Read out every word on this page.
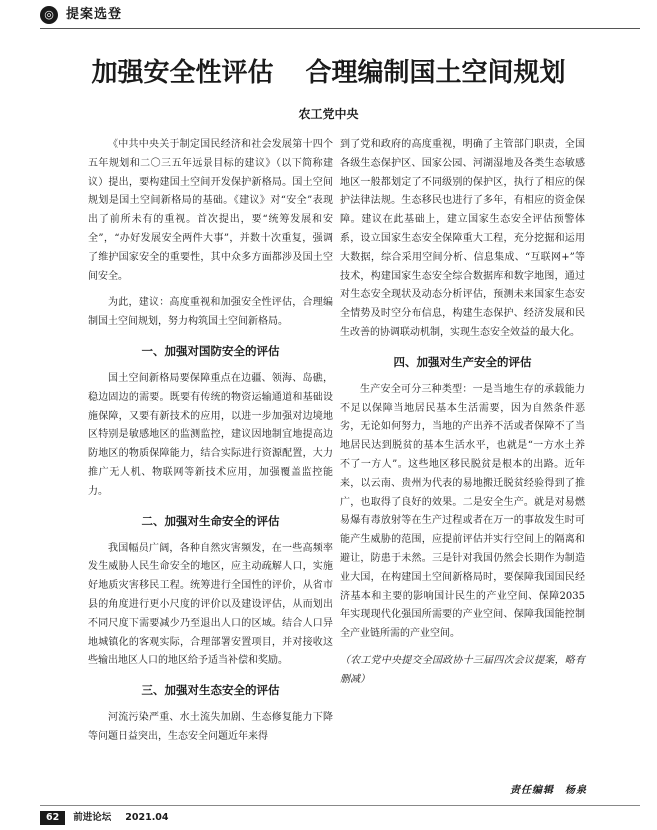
◎ 提案选登
加强安全性评估 合理编制国土空间规划
农工党中央

《中共中央关于制定国民经济和社会发展第十四个五年规划和二〇三五年远景目标的建议》（以下简称建议）提出，要构建国土空间开发保护新格局。国土空间规划是国土空间新格局的基础。《建议》对“安全”表现出了前所未有的重视。首次提出，要“统筹发展和安全”，“办好发展安全两件大事”，并数十次重复，强调了维护国家安全的重要性，其中众多方面都涉及国土空间安全。

为此，建议：高度重视和加强安全性评估，合理编制国土空间规划，努力构筑国土空间新格局。

一、加强对国防安全的评估

国土空间新格局要保障重点在边疆、领海、岛礁，稳边固边的需要。既要有传统的物资运输通道和基础设施保障，又要有新技术的应用，以进一步加强对边境地区特别是敏感地区的监测监控，建议因地制宜地提高边防地区的物质保障能力，结合实际进行资源配置，大力推广无人机、物联网等新技术应用，加强覆盖监控能力。

二、加强对生命安全的评估

我国幅员广阔，各种自然灾害频发，在一些高频率发生威胁人民生命安全的地区，应主动疏解人口，实施好地质灾害移民工程。统筹进行全国性的评价，从省市县的角度进行更小尺度的评价以及建设评估，从而划出不同尺度下需要减少乃至退出人口的区域。结合人口异地城镇化的客观实际，合理部署安置项目，并对接收这些输出地区人口的地区给予适当补偿和奖励。

三、加强对生态安全的评估

河流污染严重、水土流失加剧、生态修复能力下降等问题日益突出，生态安全问题近年来得

到了党和政府的高度重视，明确了主管部门职责，全国各级生态保护区、国家公园、河湖湿地及各类生态敏感地区一般都划定了不同级别的保护区，执行了相应的保护法律法规。生态移民也进行了多年，有相应的资金保障。建议在此基础上，建立国家生态安全评估预警体系，设立国家生态安全保障重大工程，充分挖掘和运用大数据，综合采用空间分析、信息集成、“互联网+”等技术，构建国家生态安全综合数据库和数字地图，通过对生态安全现状及动态分析评估，预测未来国家生态安全情势及时空分布信息，构建生态保护、经济发展和民生改善的协调联动机制，实现生态安全效益的最大化。

四、加强对生产安全的评估

生产安全可分三种类型：一是当地生存的承载能力不足以保障当地居民基本生活需要，因为自然条件恶劣，无论如何努力，当地的产出养不活或者保障不了当地居民达到脱贫的基本生活水平，也就是“一方水土养不了一方人”。这些地区移民脱贫是根本的出路。近年来，以云南、贵州为代表的易地搬迁脱贫经验得到了推广，也取得了良好的效果。二是安全生产。就是对易燃易爆有毒放射等在生产过程或者在万一的事故发生时可能产生威胁的范围，应提前评估并实行空间上的隔离和避让，防患于未然。三是针对我国仍然会长期作为制造业大国，在构建国土空间新格局时，要保障我国国民经济基本和主要的影响国计民生的产业空间、保障2035年实现现代化强国所需要的产业空间、保障我国能控制全产业链所需的产业空间。

（农工党中央提交全国政协十三届四次会议提案，略有删减）

责任编辑　杨泉
62 前进论坛 2021.04
